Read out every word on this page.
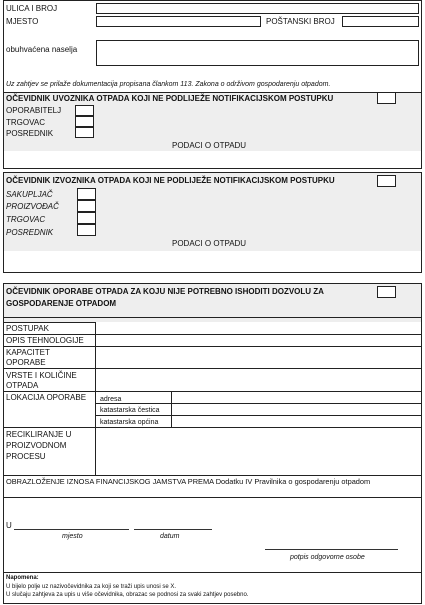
ULICA I BROJ
MJESTO	POŠTANSKI BROJ
obuhvaćena naselja
Uz zahtjev se prilaže dokumentacija propisana člankom 113. Zakona o održivom gospodarenju otpadom.
OČEVIDNIK UVOZNIKA OTPADA KOJI NE PODLIJEŽE NOTIFIKACIJSKOM POSTUPKU
OPORABITELJ
TRGOVAC
POSREDNIK
PODACI O OTPADU
OČEVIDNIK IZVOZNIKA OTPADA KOJI NE PODLIJEŽE NOTIFIKACIJSKOM POSTUPKU
SAKUPLJAČ
PROIZVOĐAČ
TRGOVAC
POSREDNIK
PODACI O OTPADU
OČEVIDNIK OPORABE OTPADA ZA KOJU NIJE POTREBNO ISHODITI DOZVOLU ZA
GOSPODARENJE OTPADOM
POSTUPAK
OPIS TEHNOLOGIJE
KAPACITET
OPORABE
VRSTE I KOLIČINE
OTPADA
LOKACIJA OPORABE adresa
katastarska čestica
katastarska općina
RECIKLIRANJE U
PROIZVODNOM
PROCESU
OBRAZLOŽENJE IZNOSA FINANCIJSKOG JAMSTVA PREMA Dodatku IV Pravilnika o gospodarenju otpadom
U
mjesto	datum
potpis odgovorne osobe
Napomena:
U bijelo polje uz nazivočevidnika za koji se traži upis unosi se X.
U slučaju zahtjeva za upis u više očevidnika, obrazac se podnosi za svaki zahtjev posebno.
